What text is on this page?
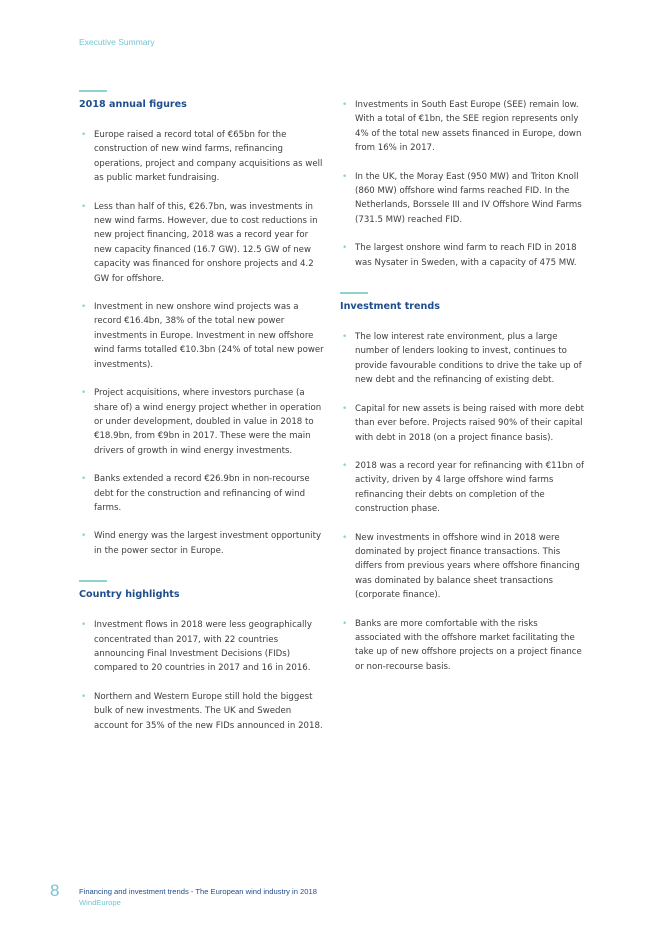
Executive Summary
2018 annual figures
• Europe raised a record total of €65bn for the construction of new wind farms, refinancing operations, project and company acquisitions as well as public market fundraising.
• Less than half of this, €26.7bn, was investments in new wind farms. However, due to cost reductions in new project financing, 2018 was a record year for new capacity financed (16.7 GW). 12.5 GW of new capacity was financed for onshore projects and 4.2 GW for offshore.
• Investment in new onshore wind projects was a record €16.4bn, 38% of the total new power investments in Europe. Investment in new offshore wind farms totalled €10.3bn (24% of total new power investments).
• Project acquisitions, where investors purchase (a share of) a wind energy project whether in operation or under development, doubled in value in 2018 to €18.9bn, from €9bn in 2017. These were the main drivers of growth in wind energy investments.
• Banks extended a record €26.9bn in non-recourse debt for the construction and refinancing of wind farms.
• Wind energy was the largest investment opportunity in the power sector in Europe.
Country highlights
• Investment flows in 2018 were less geographically concentrated than 2017, with 22 countries announcing Final Investment Decisions (FIDs) compared to 20 countries in 2017 and 16 in 2016.
• Northern and Western Europe still hold the biggest bulk of new investments. The UK and Sweden account for 35% of the new FIDs announced in 2018.
• Investments in South East Europe (SEE) remain low. With a total of €1bn, the SEE region represents only 4% of the total new assets financed in Europe, down from 16% in 2017.
• In the UK, the Moray East (950 MW) and Triton Knoll (860 MW) offshore wind farms reached FID. In the Netherlands, Borssele III and IV Offshore Wind Farms (731.5 MW) reached FID.
• The largest onshore wind farm to reach FID in 2018 was Nysater in Sweden, with a capacity of 475 MW.
Investment trends
• The low interest rate environment, plus a large number of lenders looking to invest, continues to provide favourable conditions to drive the take up of new debt and the refinancing of existing debt.
• Capital for new assets is being raised with more debt than ever before. Projects raised 90% of their capital with debt in 2018 (on a project finance basis).
• 2018 was a record year for refinancing with €11bn of activity, driven by 4 large offshore wind farms refinancing their debts on completion of the construction phase.
• New investments in offshore wind in 2018 were dominated by project finance transactions. This differs from previous years where offshore financing was dominated by balance sheet transactions (corporate finance).
• Banks are more comfortable with the risks associated with the offshore market facilitating the take up of new offshore projects on a project finance or non-recourse basis.
8	Financing and investment trends - The European wind industry in 2018
WindEurope
